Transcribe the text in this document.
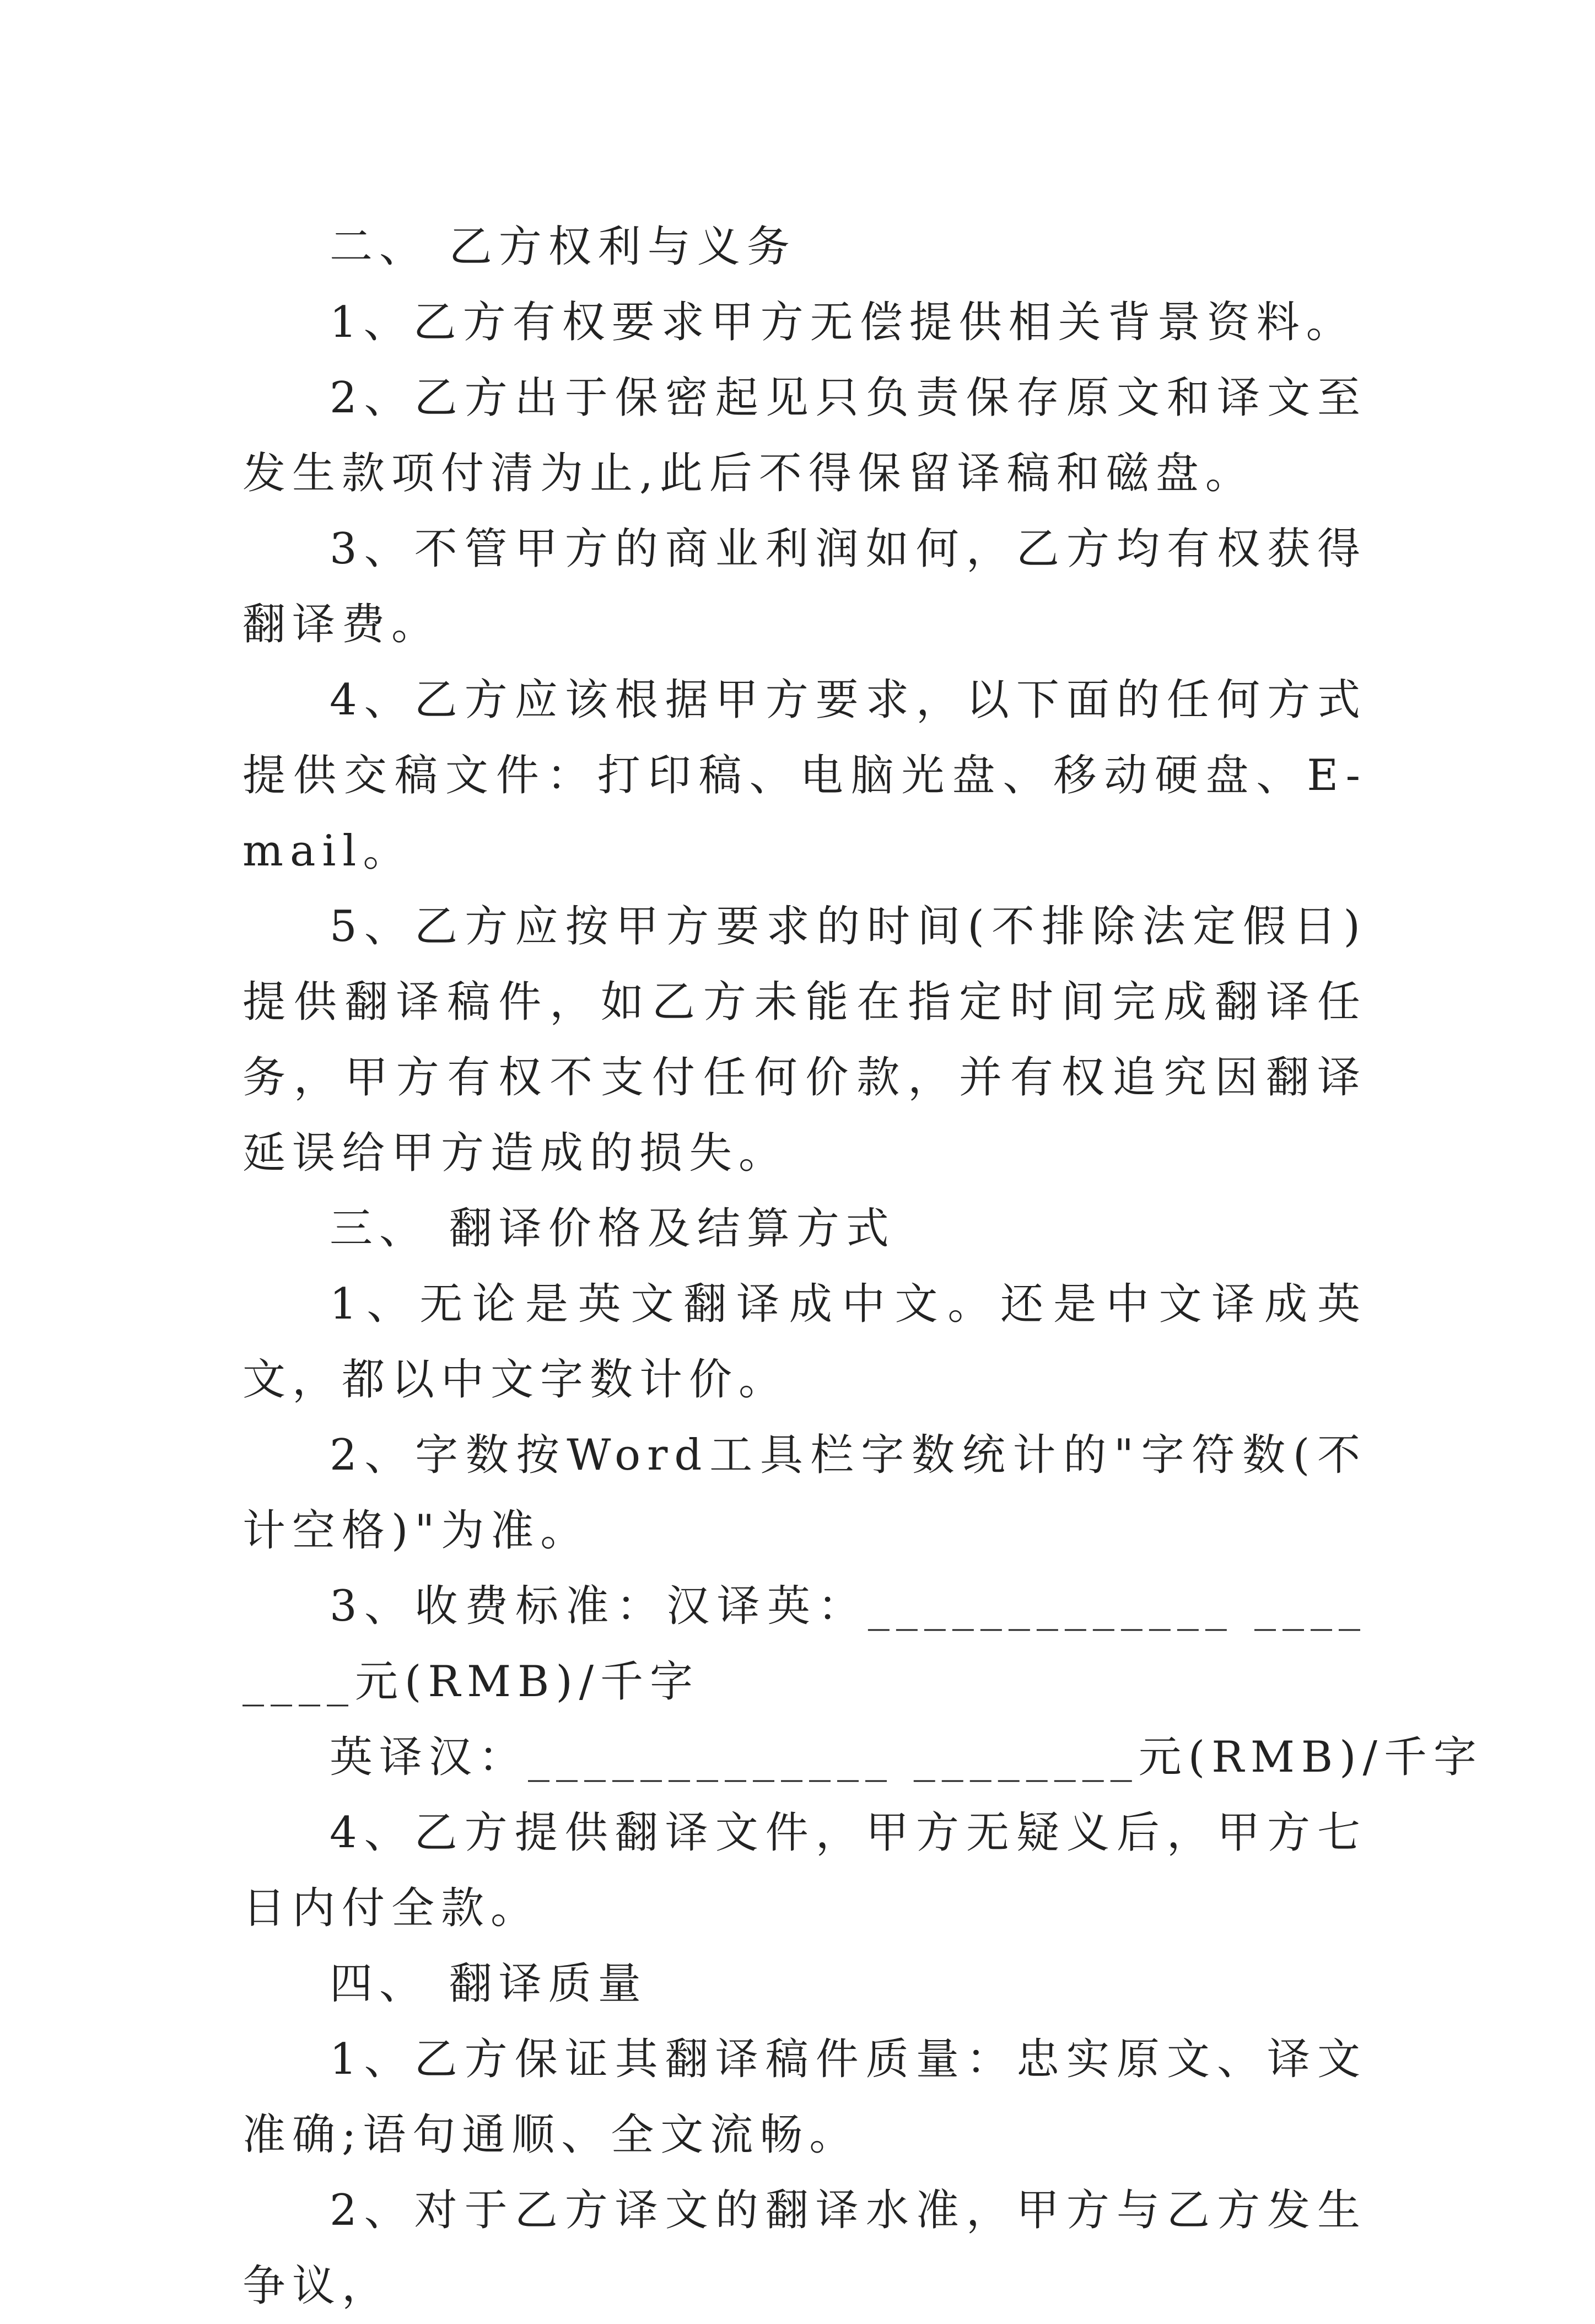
二、 乙方权利与义务

1、乙方有权要求甲方无偿提供相关背景资料。

2、乙方出于保密起见只负责保存原文和译文至发生款项付清为止,此后不得保留译稿和磁盘。

3、不管甲方的商业利润如何，乙方均有权获得翻译费。

4、乙方应该根据甲方要求，以下面的任何方式提供交稿文件：打印稿、电脑光盘、移动硬盘、E-mail。

5、乙方应按甲方要求的时间(不排除法定假日)提供翻译稿件，如乙方未能在指定时间完成翻译任务，甲方有权不支付任何价款，并有权追究因翻译延误给甲方造成的损失。

三、 翻译价格及结算方式

1、无论是英文翻译成中文。还是中文译成英文，都以中文字数计价。

2、字数按Word工具栏字数统计的"字符数(不计空格)"为准。

3、收费标准：汉译英：_____________ ________元(RMB)/千字

英译汉：_____________ ________元(RMB)/千字

4、乙方提供翻译文件，甲方无疑义后，甲方七日内付全款。

四、 翻译质量

1、乙方保证其翻译稿件质量：忠实原文、译文准确;语句通顺、全文流畅。

2、对于乙方译文的翻译水准，甲方与乙方发生争议，
